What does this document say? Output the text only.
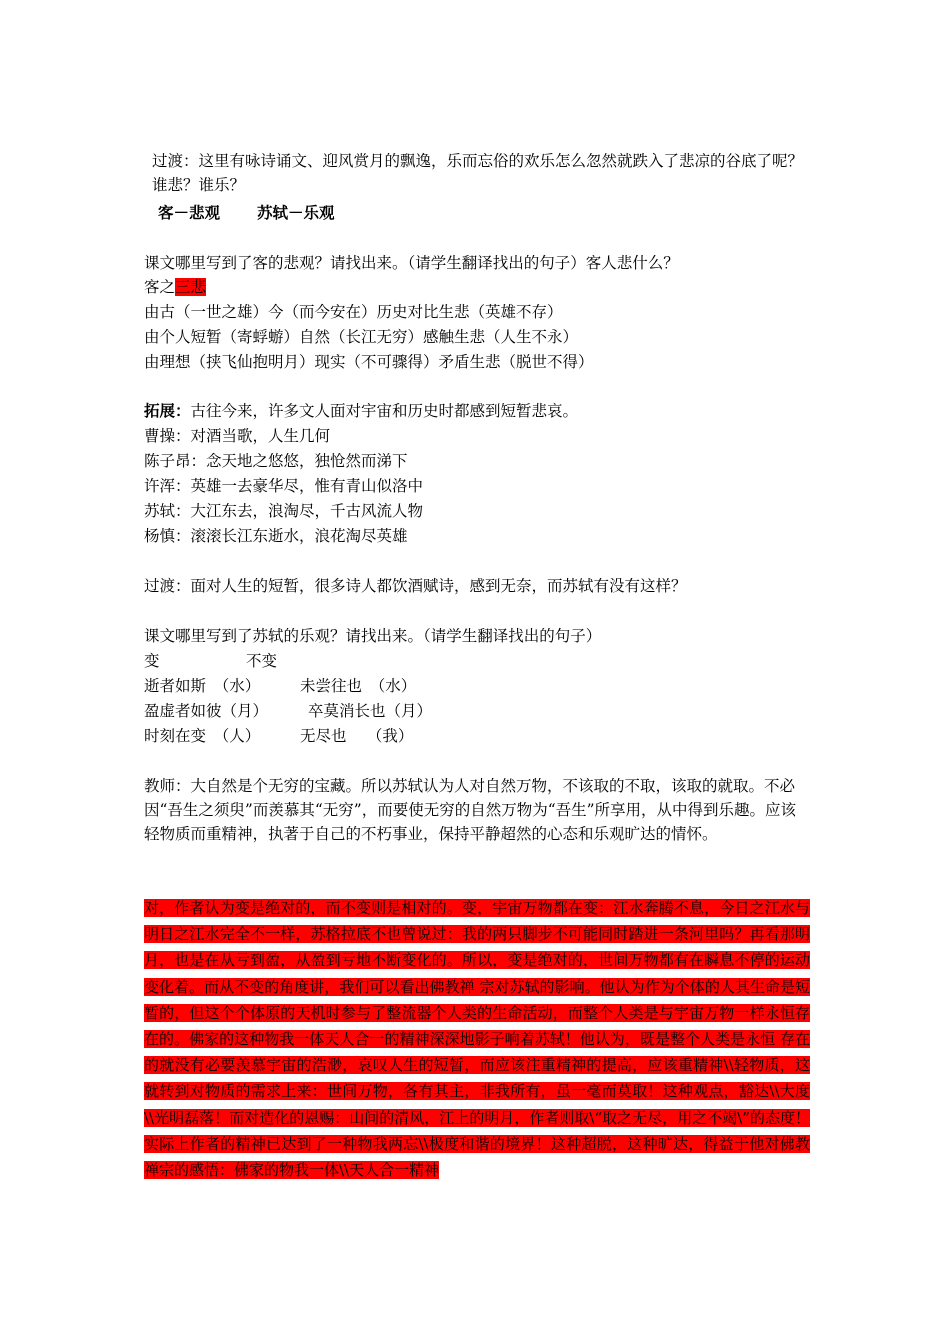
过渡：这里有咏诗诵文、迎风赏月的飘逸，乐而忘俗的欢乐怎么忽然就跌入了悲凉的谷底了呢？谁悲？谁乐？
客－悲观 苏轼－乐观
课文哪里写到了客的悲观？请找出来。（请学生翻译找出的句子）客人悲什么？
客之三悲
由古（一世之雄）今（而今安在）历史对比生悲（英雄不存）
由个人短暂（寄蜉蝣）自然（长江无穷）感触生悲（人生不永）
由理想（挟飞仙抱明月）现实（不可骤得）矛盾生悲（脱世不得）
拓展：古往今来，许多文人面对宇宙和历史时都感到短暂悲哀。
曹操：对酒当歌，人生几何
陈子昂：念天地之悠悠，独怆然而涕下
许浑：英雄一去豪华尽，惟有青山似洛中
苏轼：大江东去，浪淘尽，千古风流人物
杨慎：滚滚长江东逝水，浪花淘尽英雄
过渡：面对人生的短暂，很多诗人都饮酒赋诗，感到无奈，而苏轼有没有这样？
课文哪里写到了苏轼的乐观？请找出来。（请学生翻译找出的句子）
变	不变
逝者如斯　（水）	未尝往也　（水）
盈虚者如彼（月）	卒莫消长也（月）
时刻在变　（人）	无尽也　 （我）
教师：大自然是个无穷的宝藏。所以苏轼认为人对自然万物，不该取的不取，该取的就取。不必因“吾生之须臾”而羡慕其“无穷”，而要使无穷的自然万物为“吾生”所享用，从中得到乐趣。应该轻物质而重精神，执著于自己的不朽事业，保持平静超然的心态和乐观旷达的情怀。
对，作者认为变是绝对的，而不变则是相对的。变，宇宙万物都在变：江水奔腾不息，今日之江水与明日之江水完全不一样，苏格拉底不也曾说过：我的两只脚步不可能同时踏进一条河里吗？再看那明月，也是在从亏到盈，从盈到亏地不断变化的。所以，变是绝对的，世间万物都有在瞬息不停的运动变化着。而从不变的角度讲，我们可以看出佛教禅 宗对苏轼的影响。他认为作为个体的人其生命是短暂的，但这个个体原的天机时参与了整流器个人类的生命活动，而整个人类是与宇宙万物一样永恒存在的。佛家的这种物我一体天人合一的精神深深地影子响着苏轼！他认为，既是整个人类是永恒 存在的就没有必要羡慕宇宙的浩渺，哀叹人生的短暂，而应该注重精神的提高，应该重精神\\轻物质，这就转到对物质的需求上来：世间万物，各有其主，非我所有，虽一毫而莫取！这种观点，豁达\\大度\\光明磊落！而对造化的恩赐：山间的清风，江上的明月，作者则取\“取之无尽，用之不竭\”的态度！实际上作者的精神已达到了一种物我两忘\\极度和谐的境界！这种超脱，这种旷达，得益于他对佛教禅宗的感悟：佛家的物我一体\\天人合一精神
